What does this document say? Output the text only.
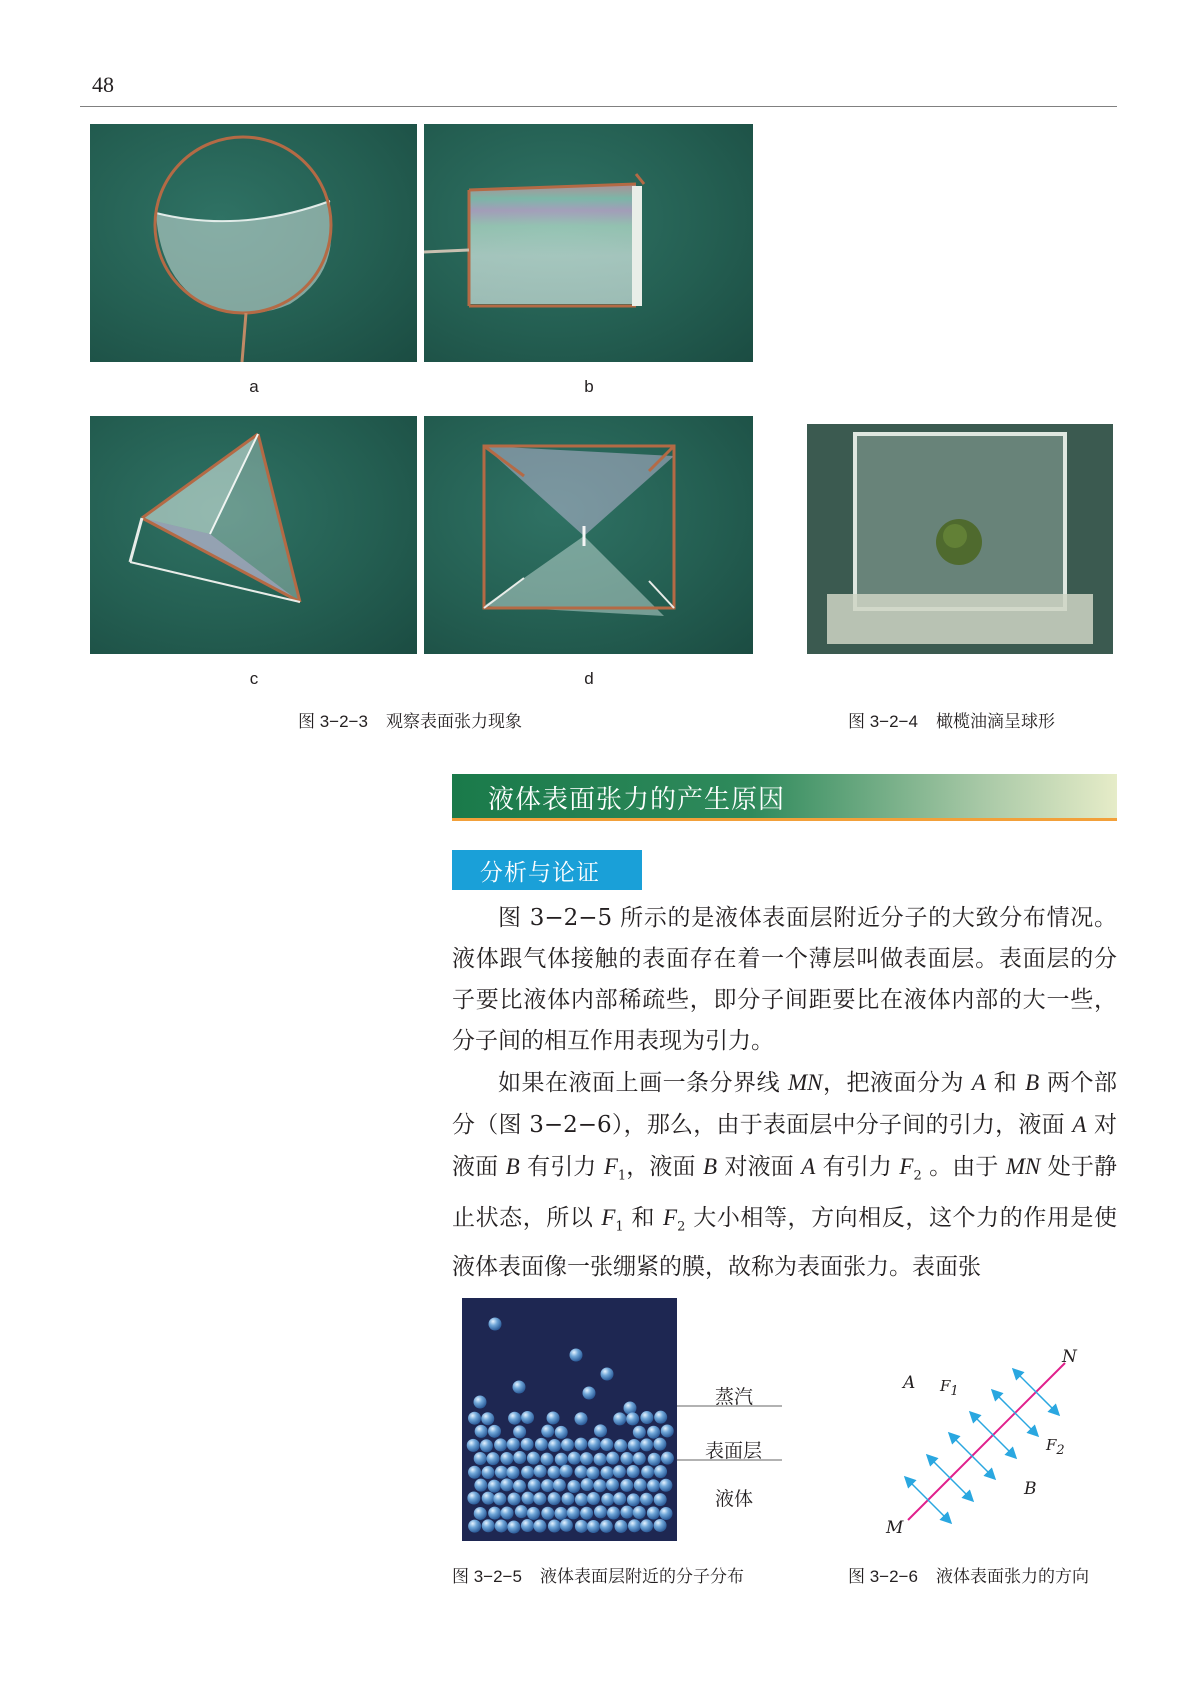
48
a	b
c	d
图 3−2−3 观察表面张力现象	图 3−2−4 橄榄油滴呈球形
液体表面张力的产生原因
分析与论证

图 3−2−5 所示的是液体表面层附近分子的大致分布情况。液体跟气体接触的表面存在着一个薄层叫做表面层。表面层的分子要比液体内部稀疏些，即分子间距要比在液体内部的大一些，分子间的相互作用表现为引力。

如果在液面上画一条分界线 MN，把液面分为 A 和 B 两个部分（图 3−2−6），那么，由于表面层中分子间的引力，液面 A 对液面 B 有引力 $F_1$，液面 B 对液面 A 有引力 $F_2$ 。由于 MN 处于静止状态，所以 $F_1$ 和 $F_2$ 大小相等，方向相反，这个力的作用是使液体表面像一张绷紧的膜，故称为表面张力。表面张

蒸汽
表面层
液体
N
M
A
B
$F_1$
$F_2$
图 3−2−5 液体表面层附近的分子分布	图 3−2−6 液体表面张力的方向
